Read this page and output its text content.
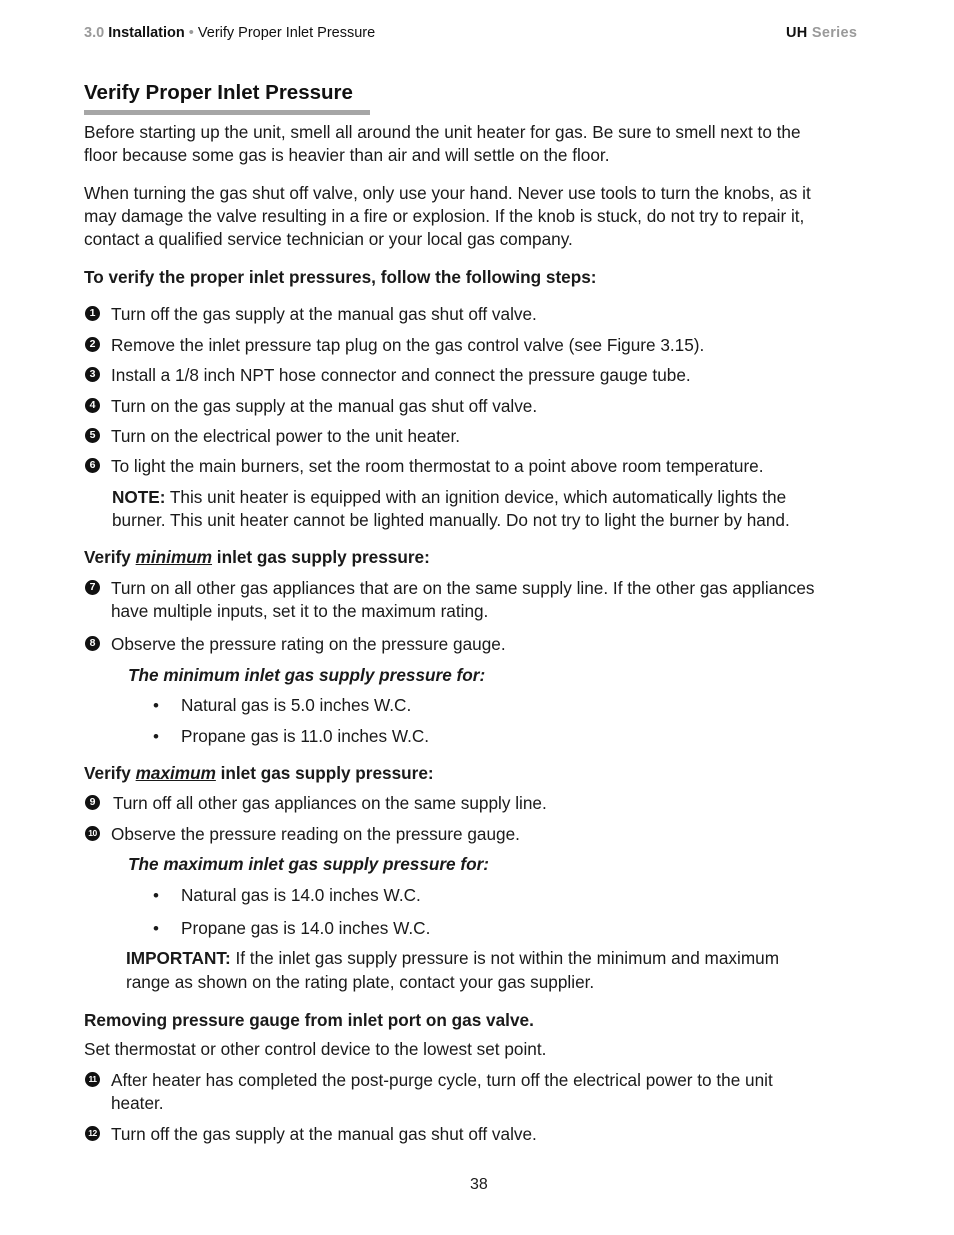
3.0 Installation • Verify Proper Inlet Pressure	UH Series
Verify Proper Inlet Pressure
Before starting up the unit, smell all around the unit heater for gas. Be sure to smell next to the
floor because some gas is heavier than air and will settle on the floor.
When turning the gas shut off valve, only use your hand. Never use tools to turn the knobs, as it
may damage the valve resulting in a fire or explosion. If the knob is stuck, do not try to repair it,
contact a qualified service technician or your local gas company.
To verify the proper inlet pressures, follow the following steps:
1 Turn off the gas supply at the manual gas shut off valve.
2 Remove the inlet pressure tap plug on the gas control valve (see Figure 3.15).
3 Install a 1/8 inch NPT hose connector and connect the pressure gauge tube.
4 Turn on the gas supply at the manual gas shut off valve.
5 Turn on the electrical power to the unit heater.
6 To light the main burners, set the room thermostat to a point above room temperature.
NOTE: This unit heater is equipped with an ignition device, which automatically lights the
burner. This unit heater cannot be lighted manually. Do not try to light the burner by hand.
Verify minimum inlet gas supply pressure:
7 Turn on all other gas appliances that are on the same supply line. If the other gas appliances
have multiple inputs, set it to the maximum rating.
8 Observe the pressure rating on the pressure gauge.
The minimum inlet gas supply pressure for:
• Natural gas is 5.0 inches W.C.
• Propane gas is 11.0 inches W.C.
Verify maximum inlet gas supply pressure:
9 Turn off all other gas appliances on the same supply line.
10 Observe the pressure reading on the pressure gauge.
The maximum inlet gas supply pressure for:
• Natural gas is 14.0 inches W.C.
• Propane gas is 14.0 inches W.C.
IMPORTANT: If the inlet gas supply pressure is not within the minimum and maximum
range as shown on the rating plate, contact your gas supplier.
Removing pressure gauge from inlet port on gas valve.
Set thermostat or other control device to the lowest set point.
11 After heater has completed the post-purge cycle, turn off the electrical power to the unit
heater.
12 Turn off the gas supply at the manual gas shut off valve.
38
